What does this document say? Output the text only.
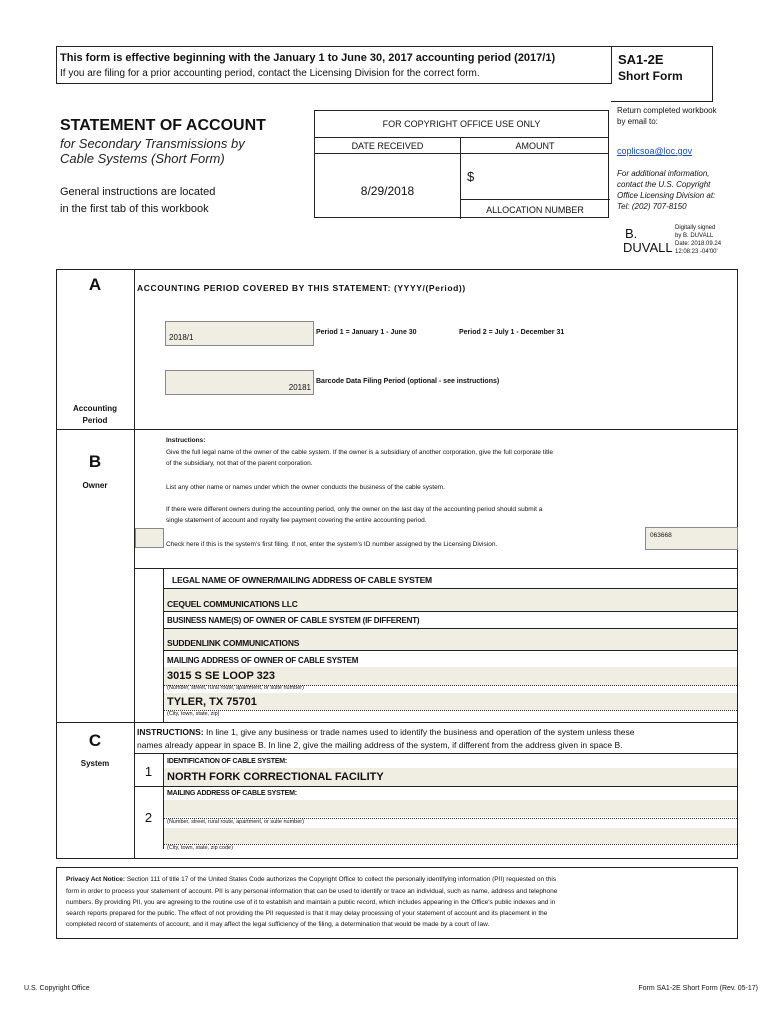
This form is effective beginning with the January 1 to June 30, 2017 accounting period (2017/1)
If you are filing for a prior accounting period, contact the Licensing Division for the correct form.
SA1-2E
Short Form
STATEMENT OF ACCOUNT
for Secondary Transmissions by
Cable Systems (Short Form)
General instructions are located
in the first tab of this workbook
FOR COPYRIGHT OFFICE USE ONLY
DATE RECEIVED	AMOUNT
8/29/2018
$
ALLOCATION NUMBER
Return completed workbook
by email to:
coplicsoa@loc.gov
For additional information,
contact the U.S. Copyright
Office Licensing Division at:
Tel: (202) 707-8150
B.
DUVALL
Digitally signed
by B. DUVALL
Date: 2018.09.24
12:08:23 -04'00'
A	ACCOUNTING PERIOD COVERED BY THIS STATEMENT: (YYYY/(Period))
2018/1
Period 1 = January 1 - June 30	Period 2 = July 1 - December 31
20181
Barcode Data Filing Period (optional - see instructions)
Accounting
Period
B
Owner
Instructions:
Give the full legal name of the owner of the cable system. If the owner is a subsidiary of another corporation, give the full corporate title
of the subsidiary, not that of the parent corporation.
List any other name or names under which the owner conducts the business of the cable system.
If there were different owners during the accounting period, only the owner on the last day of the accounting period should submit a
single statement of account and royalty fee payment covering the entire accounting period.
Check here if this is the system's first filing. If not, enter the system's ID number assigned by the Licensing Division.
063668
LEGAL NAME OF OWNER/MAILING ADDRESS OF CABLE SYSTEM
CEQUEL COMMUNICATIONS LLC
BUSINESS NAME(S) OF OWNER OF CABLE SYSTEM (IF DIFFERENT)
SUDDENLINK COMMUNICATIONS
MAILING ADDRESS OF OWNER OF CABLE SYSTEM
3015 S SE LOOP 323
(Number, street, rural route, apartment, or suite number)
TYLER, TX 75701
(City, town, state, zip)
C
System
INSTRUCTIONS: In line 1, give any business or trade names used to identify the business and operation of the system unless these
names already appear in space B. In line 2, give the mailing address of the system, if different from the address given in space B.
1
IDENTIFICATION OF CABLE SYSTEM:
NORTH FORK CORRECTIONAL FACILITY
MAILING ADDRESS OF CABLE SYSTEM:
2	(Number, street, rural route, apartment, or suite number)
(City, town, state, zip code)
Privacy Act Notice: Section 111 of title 17 of the United States Code authorizes the Copyright Office to collect the personally identifying information (PII) requested on this
form in order to process your statement of account. PII is any personal information that can be used to identify or trace an individual, such as name, address and telephone
numbers. By providing PII, you are agreeing to the routine use of it to establish and maintain a public record, which includes appearing in the Office's public indexes and in
search reports prepared for the public. The effect of not providing the PII requested is that it may delay processing of your statement of account and its placement in the
completed record of statements of account, and it may affect the legal sufficiency of the filing, a determination that would be made by a court of law.
U.S. Copyright Office	Form SA1-2E Short Form (Rev. 05-17)
